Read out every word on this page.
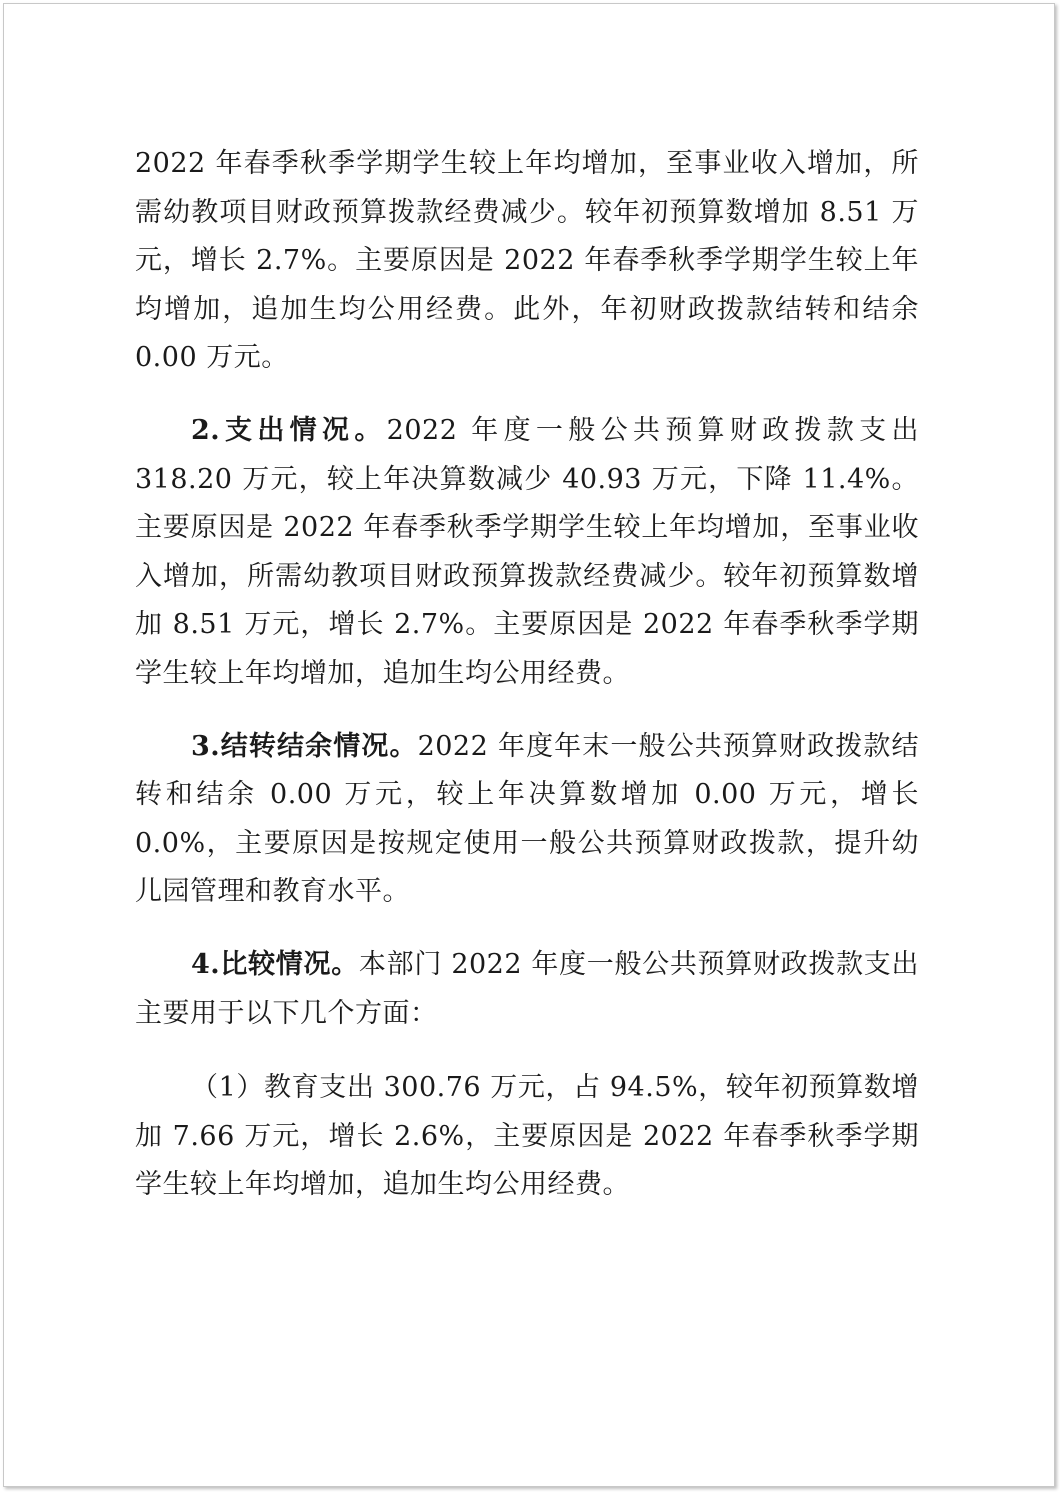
2022 年春季秋季学期学生较上年均增加，至事业收入增加，所需幼教项目财政预算拨款经费减少。较年初预算数增加 8.51 万元，增长 2.7%。主要原因是 2022 年春季秋季学期学生较上年均增加，追加生均公用经费。此外，年初财政拨款结转和结余 0.00 万元。

2.支出情况。2022 年度一般公共预算财政拨款支出 318.20 万元，较上年决算数减少 40.93 万元，下降 11.4%。主要原因是 2022 年春季秋季学期学生较上年均增加，至事业收入增加，所需幼教项目财政预算拨款经费减少。较年初预算数增加 8.51 万元，增长 2.7%。主要原因是 2022 年春季秋季学期学生较上年均增加，追加生均公用经费。

3.结转结余情况。2022 年度年末一般公共预算财政拨款结转和结余 0.00 万元，较上年决算数增加 0.00 万元，增长 0.0%，主要原因是按规定使用一般公共预算财政拨款，提升幼儿园管理和教育水平。

4.比较情况。本部门 2022 年度一般公共预算财政拨款支出主要用于以下几个方面：

（1）教育支出 300.76 万元，占 94.5%，较年初预算数增加 7.66 万元，增长 2.6%，主要原因是 2022 年春季秋季学期学生较上年均增加，追加生均公用经费。
